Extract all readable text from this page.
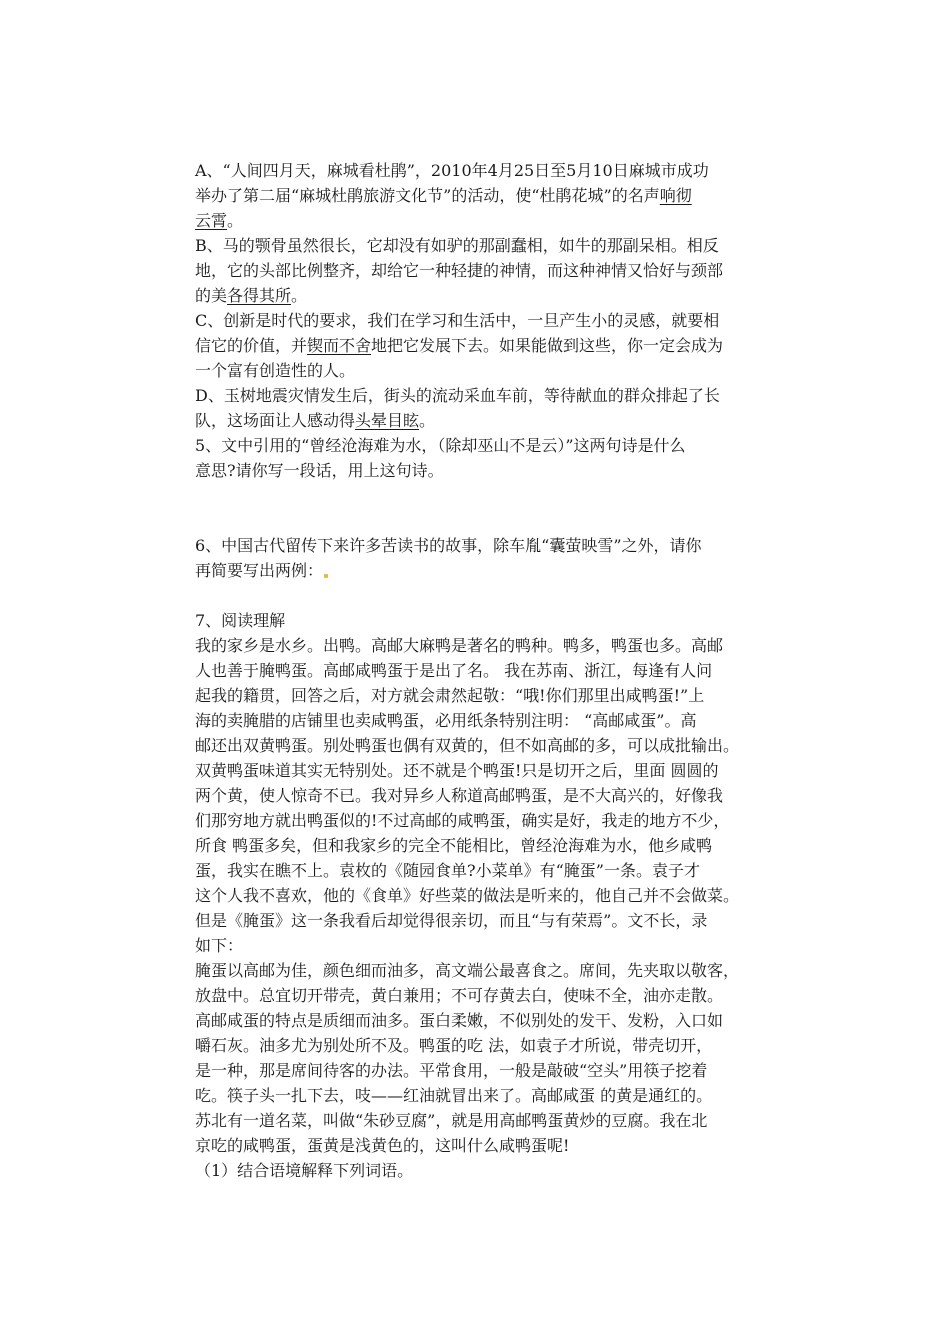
A、“人间四月天，麻城看杜鹃”，2010年4月25日至5月10日麻城市成功
举办了第二届“麻城杜鹃旅游文化节”的活动，使“杜鹃花城”的名声响彻
云霄。
B、马的颚骨虽然很长，它却没有如驴的那副蠢相，如牛的那副呆相。相反
地，它的头部比例整齐，却给它一种轻捷的神情，而这种神情又恰好与颈部
的美各得其所。
C、创新是时代的要求，我们在学习和生活中，一旦产生小的灵感，就要相
信它的价值，并锲而不舍地把它发展下去。如果能做到这些，你一定会成为
一个富有创造性的人。
D、玉树地震灾情发生后，街头的流动采血车前，等待献血的群众排起了长
队，这场面让人感动得头晕目眩。
5、文中引用的“曾经沧海难为水，（除却巫山不是云）”这两句诗是什么
意思?请你写一段话，用上这句诗。
6、中国古代留传下来许多苦读书的故事，除车胤“囊萤映雪”之外，请你
再简要写出两例：
7、阅读理解
我的家乡是水乡。出鸭。高邮大麻鸭是著名的鸭种。鸭多，鸭蛋也多。高邮
人也善于腌鸭蛋。高邮咸鸭蛋于是出了名。 我在苏南、浙江，每逢有人问
起我的籍贯，回答之后，对方就会肃然起敬：“哦!你们那里出咸鸭蛋!”上
海的卖腌腊的店铺里也卖咸鸭蛋，必用纸条特别注明： “高邮咸蛋”。高
邮还出双黄鸭蛋。别处鸭蛋也偶有双黄的，但不如高邮的多，可以成批输出。
双黄鸭蛋味道其实无特别处。还不就是个鸭蛋!只是切开之后，里面 圆圆的
两个黄，使人惊奇不已。我对异乡人称道高邮鸭蛋，是不大高兴的，好像我
们那穷地方就出鸭蛋似的!不过高邮的咸鸭蛋，确实是好，我走的地方不少，
所食 鸭蛋多矣，但和我家乡的完全不能相比，曾经沧海难为水，他乡咸鸭
蛋，我实在瞧不上。袁枚的《随园食单?小菜单》有“腌蛋”一条。袁子才
这个人我不喜欢，他的《食单》好些菜的做法是听来的，他自己并不会做菜。
但是《腌蛋》这一条我看后却觉得很亲切，而且“与有荣焉”。文不长，录
如下：
腌蛋以高邮为佳，颜色细而油多，高文端公最喜食之。席间，先夹取以敬客，
放盘中。总宜切开带壳，黄白兼用；不可存黄去白，使味不全，油亦走散。
高邮咸蛋的特点是质细而油多。蛋白柔嫩，不似别处的发干、发粉，入口如
嚼石灰。油多尤为别处所不及。鸭蛋的吃 法，如袁子才所说，带壳切开，
是一种，那是席间待客的办法。平常食用，一般是敲破“空头”用筷子挖着
吃。筷子头一扎下去，吱——红油就冒出来了。高邮咸蛋 的黄是通红的。
苏北有一道名菜，叫做“朱砂豆腐”，就是用高邮鸭蛋黄炒的豆腐。我在北
京吃的咸鸭蛋，蛋黄是浅黄色的，这叫什么咸鸭蛋呢!
（1）结合语境解释下列词语。
